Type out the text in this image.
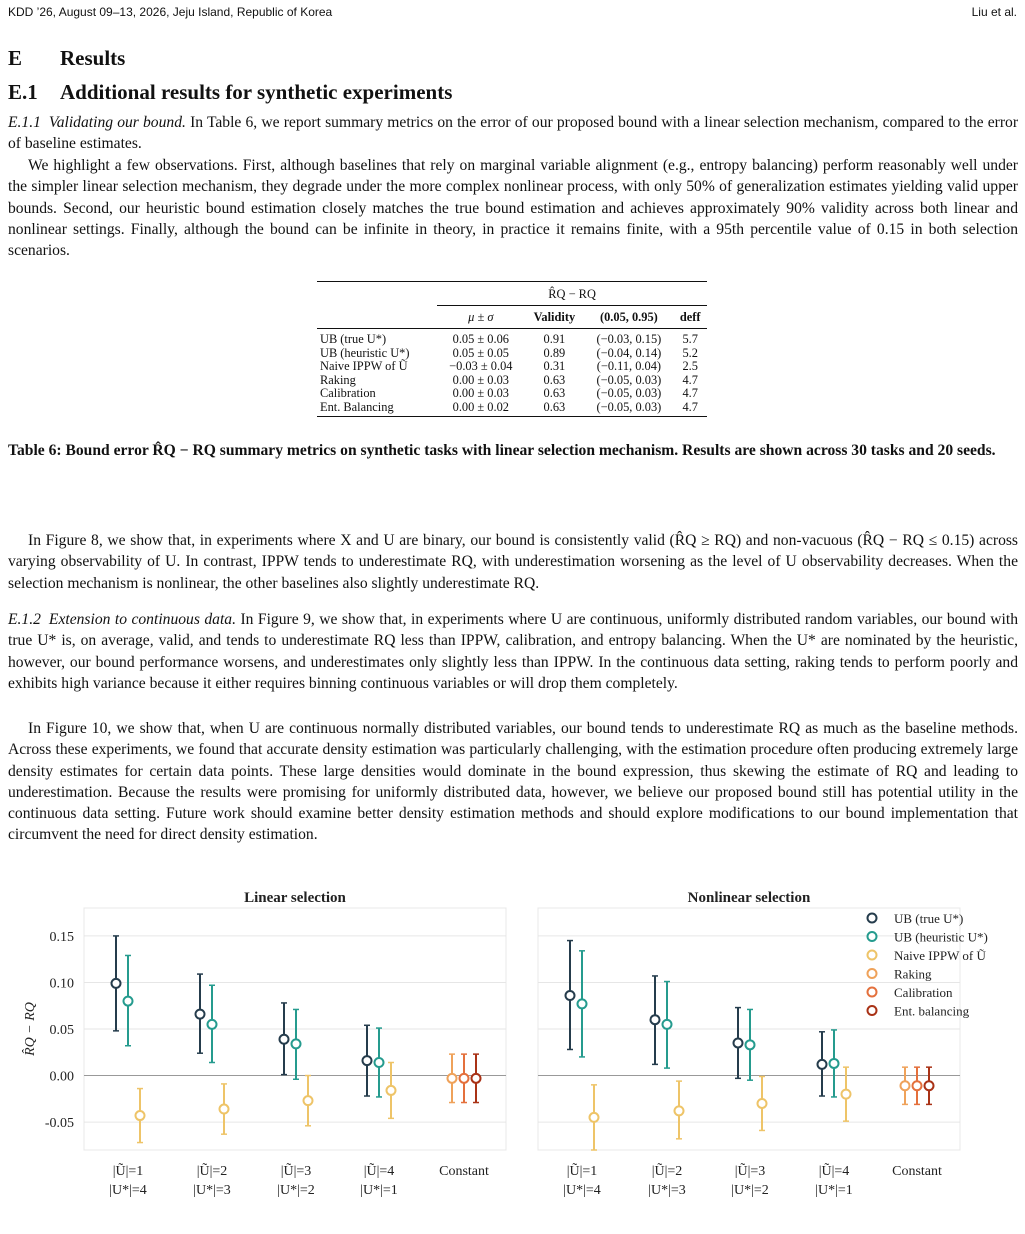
KDD ’26, August 09–13, 2026, Jeju Island, Republic of Korea	Liu et al.
E Results
E.1 Additional results for synthetic experiments

E.1.1 Validating our bound. In Table 6, we report summary metrics on the error of our proposed bound with a linear selection mechanism, compared to the error of baseline estimates.

We highlight a few observations. First, although baselines that rely on marginal variable alignment (e.g., entropy balancing) perform reasonably well under the simpler linear selection mechanism, they degrade under the more complex nonlinear process, with only 50% of generalization estimates yielding valid upper bounds. Second, our heuristic bound estimation closely matches the true bound estimation and achieves approximately 90% validity across both linear and nonlinear settings. Finally, although the bound can be infinite in theory, in practice it remains finite, with a 95th percentile value of 0.15 in both selection scenarios.

	R̂Q − RQ			
	μ ± σ	Validity	(0.05, 0.95)	deff
UB (true U*)	0.05 ± 0.06	0.91	(−0.03, 0.15)	5.7
UB (heuristic U*)	0.05 ± 0.05	0.89	(−0.04, 0.14)	5.2
Naive IPPW of Ũ	−0.03 ± 0.04	0.31	(−0.11, 0.04)	2.5
Raking	0.00 ± 0.03	0.63	(−0.05, 0.03)	4.7
Calibration	0.00 ± 0.03	0.63	(−0.05, 0.03)	4.7
Ent. Balancing	0.00 ± 0.02	0.63	(−0.05, 0.03)	4.7

Table 6: Bound error R̂Q − RQ summary metrics on synthetic tasks with linear selection mechanism. Results are shown across 30 tasks and 20 seeds.

In Figure 8, we show that, in experiments where X and U are binary, our bound is consistently valid (R̂Q ≥ RQ) and non-vacuous (R̂Q − RQ ≤ 0.15) across varying observability of U. In contrast, IPPW tends to underestimate RQ, with underestimation worsening as the level of U observability decreases. When the selection mechanism is nonlinear, the other baselines also slightly underestimate RQ.

E.1.2 Extension to continuous data. In Figure 9, we show that, in experiments where U are continuous, uniformly distributed random variables, our bound with true U* is, on average, valid, and tends to underestimate RQ less than IPPW, calibration, and entropy balancing. When the U* are nominated by the heuristic, however, our bound performance worsens, and underestimates only slightly less than IPPW. In the continuous data setting, raking tends to perform poorly and exhibits high variance because it either requires binning continuous variables or will drop them completely.

In Figure 10, we show that, when U are continuous normally distributed variables, our bound tends to underestimate RQ as much as the baseline methods. Across these experiments, we found that accurate density estimation was particularly challenging, with the estimation procedure often producing extremely large density estimates for certain data points. These large densities would dominate in the bound expression, thus skewing the estimate of RQ and leading to underestimation. Because the results were promising for uniformly distributed data, however, we believe our proposed bound still has potential utility in the continuous data setting. Future work should examine better density estimation methods and should explore modifications to our bound implementation that circumvent the need for direct density estimation.

Linear selection
0.15
0.10
0.05
0.00
-0.05
R̂Q − RQ
|Ũ|=1
|U*|=4
|Ũ|=2
|U*|=3
|Ũ|=3
|U*|=2
|Ũ|=4
|U*|=1
Constant
Nonlinear selection
|Ũ|=1
|U*|=4
|Ũ|=2
|U*|=3
|Ũ|=3
|U*|=2
|Ũ|=4
|U*|=1
Constant
UB (true U*)
UB (heuristic U*)
Naive IPPW of Ũ
Raking
Calibration
Ent. balancing
